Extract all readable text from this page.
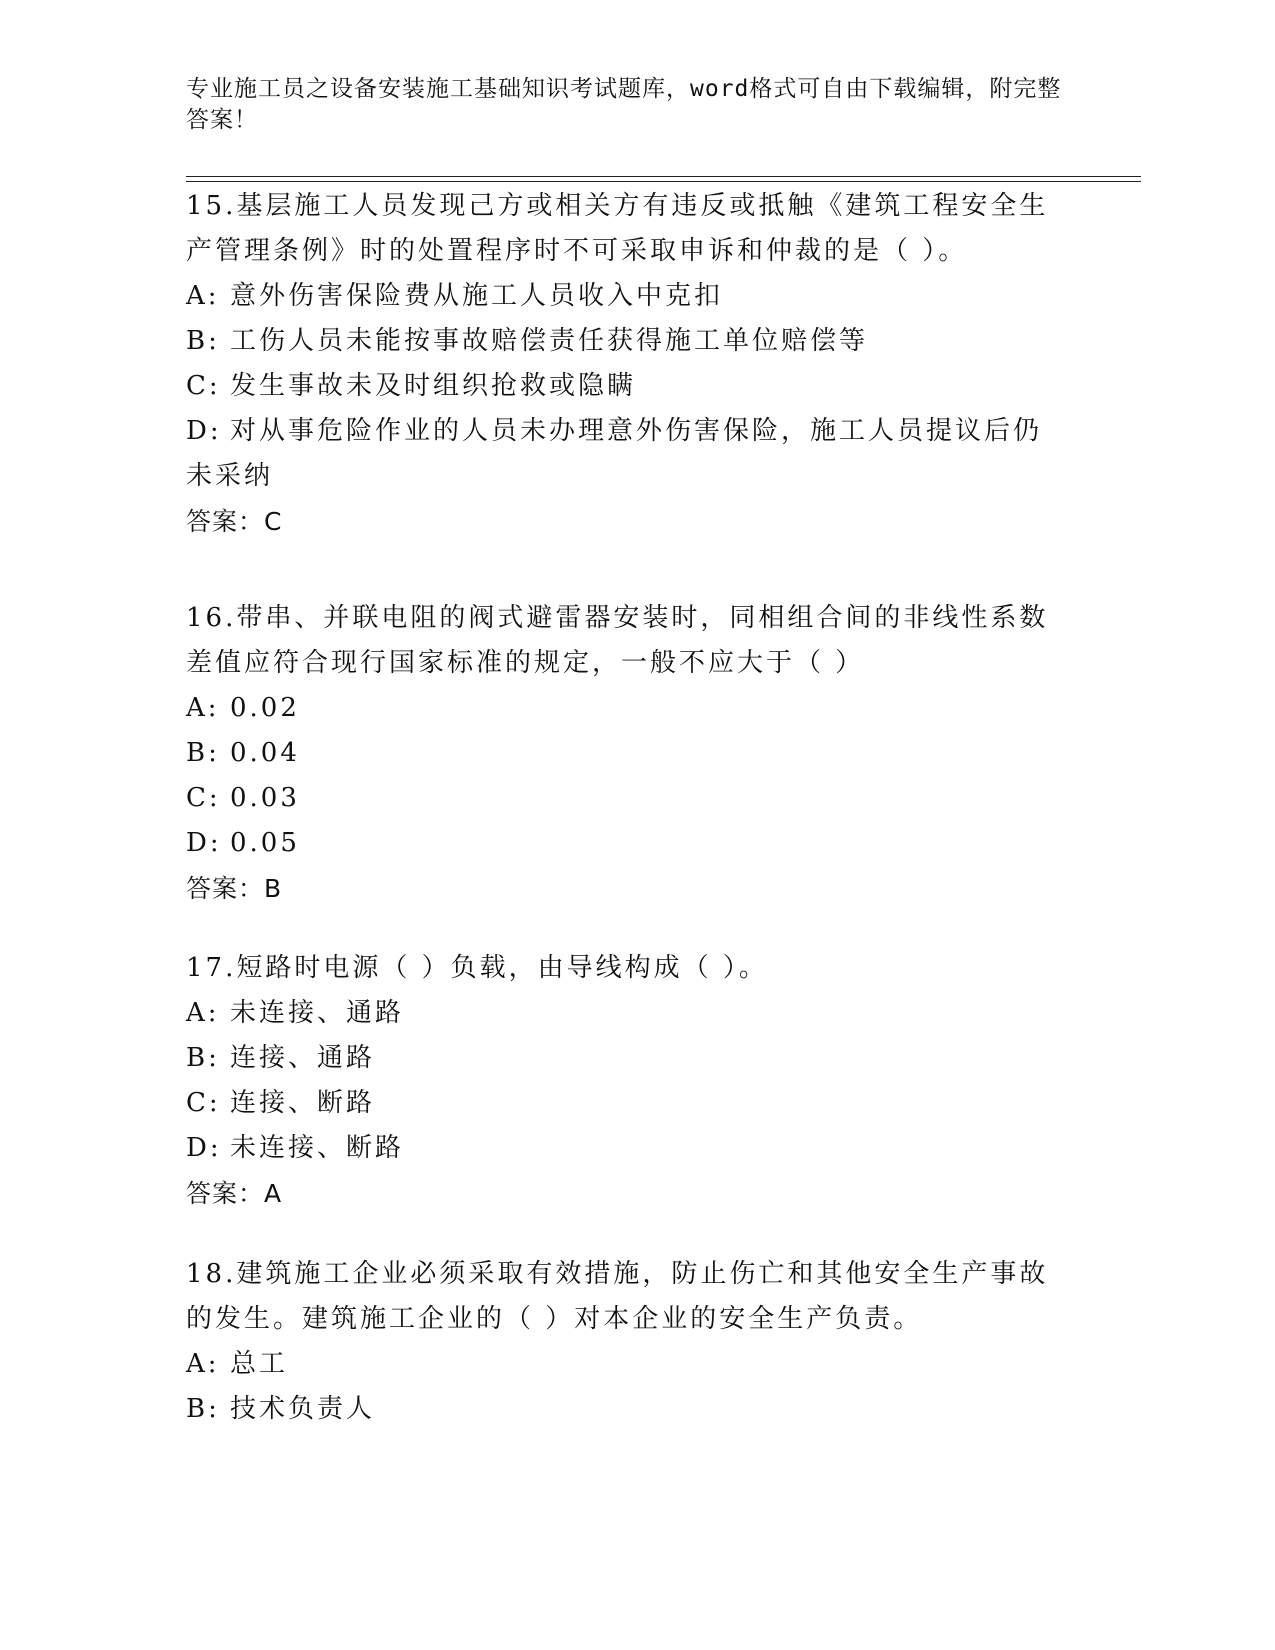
专业施工员之设备安装施工基础知识考试题库，word格式可自由下载编辑，附完整答案！

15.基层施工人员发现己方或相关方有违反或抵触《建筑工程安全生产管理条例》时的处置程序时不可采取申诉和仲裁的是（ ）。

A: 意外伤害保险费从施工人员收入中克扣

B: 工伤人员未能按事故赔偿责任获得施工单位赔偿等

C: 发生事故未及时组织抢救或隐瞒

D: 对从事危险作业的人员未办理意外伤害保险，施工人员提议后仍未采纳

答案：C

16.带串、并联电阻的阀式避雷器安装时，同相组合间的非线性系数差值应符合现行国家标准的规定，一般不应大于（ ）

A: 0.02

B: 0.04

C: 0.03

D: 0.05

答案：B

17.短路时电源（ ）负载，由导线构成（ ）。

A: 未连接、通路

B: 连接、通路

C: 连接、断路

D: 未连接、断路

答案：A

18.建筑施工企业必须采取有效措施，防止伤亡和其他安全生产事故的发生。建筑施工企业的（ ）对本企业的安全生产负责。

A: 总工

B: 技术负责人
